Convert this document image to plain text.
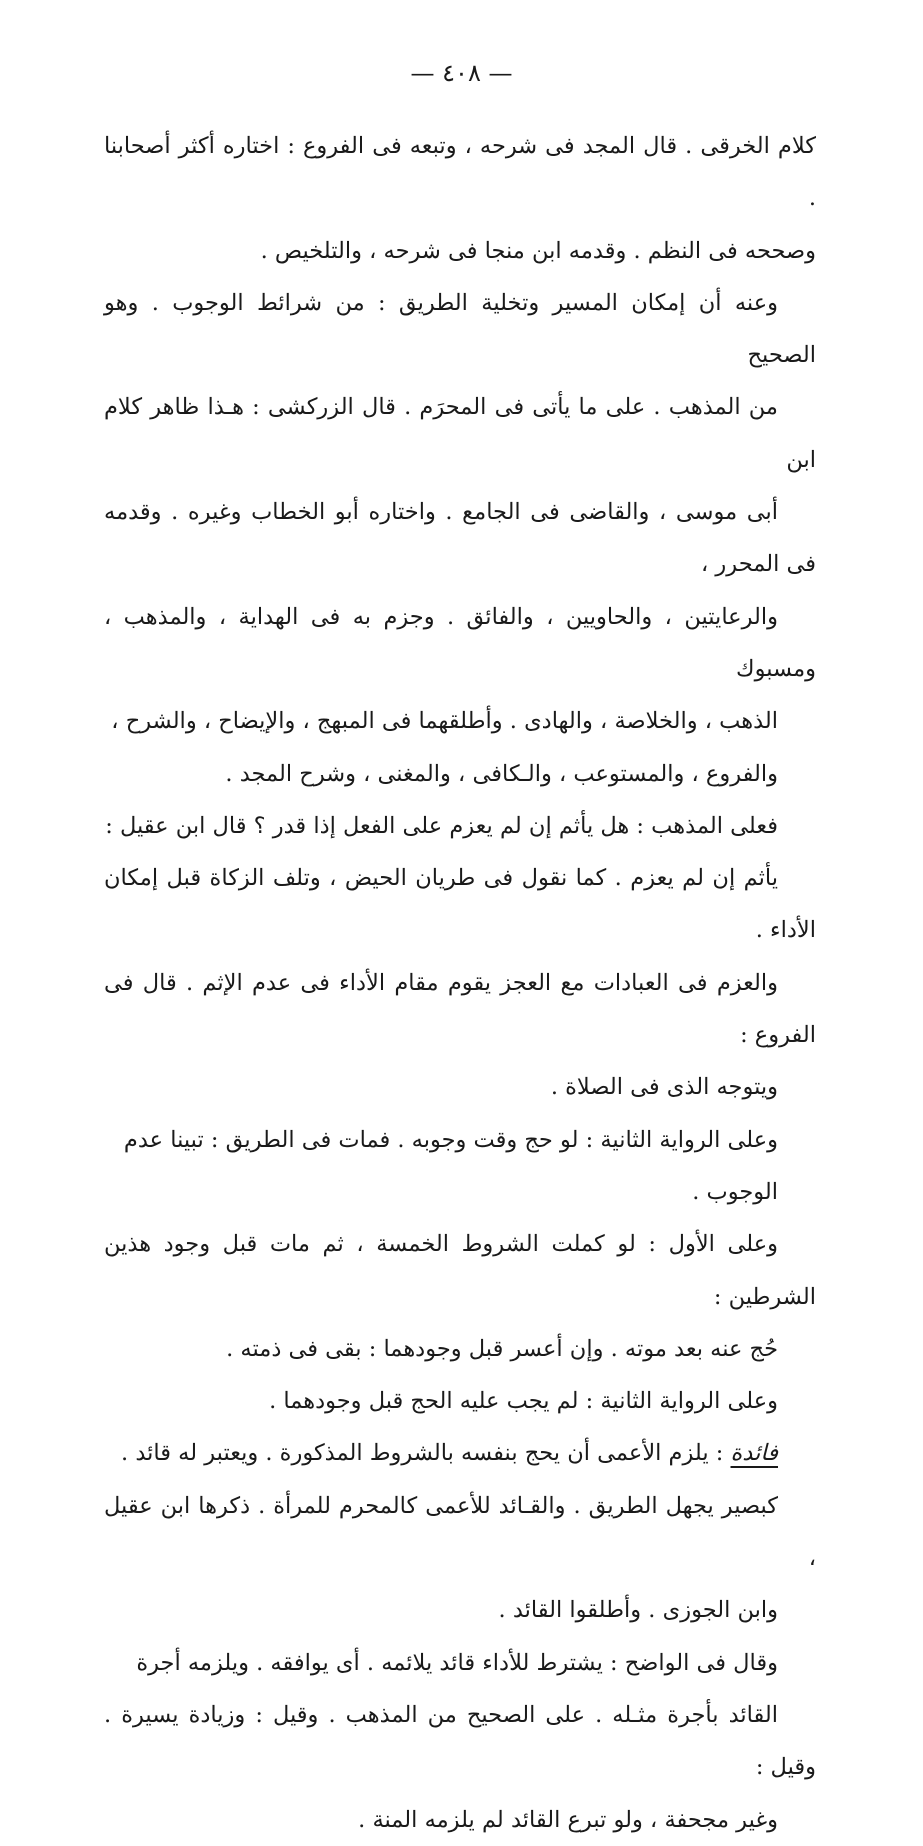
— ٤٠٨ —

كلام الخرقى . قال المجد فى شرحه ، وتبعه فى الفروع : اختاره أكثر أصحابنا .
وصححه فى النظم . وقدمه ابن منجا فى شرحه ، والتلخيص .

وعنه أن إمكان المسير وتخلية الطريق : من شرائط الوجوب . وهو الصحيح
من المذهب . على ما يأتى فى المحرَم . قال الزركشى : هـذا ظاهر كلام ابن
أبى موسى ، والقاضى فى الجامع . واختاره أبو الخطاب وغيره . وقدمه فى المحرر ،
والرعايتين ، والحاويين ، والفائق . وجزم به فى الهداية ، والمذهب ، ومسبوك
الذهب ، والخلاصة ، والهادى . وأطلقهما فى المبهج ، والإيضاح ، والشرح ،
والفروع ، والمستوعب ، والـكافى ، والمغنى ، وشرح المجد .

فعلى المذهب : هل يأثم إن لم يعزم على الفعل إذا قدر ؟ قال ابن عقيل :
يأثم إن لم يعزم . كما نقول فى طريان الحيض ، وتلف الزكاة قبل إمكان الأداء .
والعزم فى العبادات مع العجز يقوم مقام الأداء فى عدم الإثم . قال فى الفروع :
ويتوجه الذى فى الصلاة .

وعلى الرواية الثانية : لو حج وقت وجوبه . فمات فى الطريق : تبينا عدم
الوجوب .

وعلى الأول : لو كملت الشروط الخمسة ، ثم مات قبل وجود هذين الشرطين :
حُج عنه بعد موته . وإن أعسر قبل وجودهما : بقى فى ذمته .

وعلى الرواية الثانية : لم يجب عليه الحج قبل وجودهما .

فائدة : يلزم الأعمى أن يحج بنفسه بالشروط المذكورة . ويعتبر له قائد .
كبصير يجهل الطريق . والقـائد للأعمى كالمحرم للمرأة . ذكرها ابن عقيل ،
وابن الجوزى . وأطلقوا القائد .

وقال فى الواضح : يشترط للأداء قائد يلائمه . أى يوافقه . ويلزمه أجرة
القائد بأجرة مثـله . على الصحيح من المذهب . وقيل : وزيادة يسيرة . وقيل :
وغير مجحفة ، ولو تبرع القائد لم يلزمه المنة .
